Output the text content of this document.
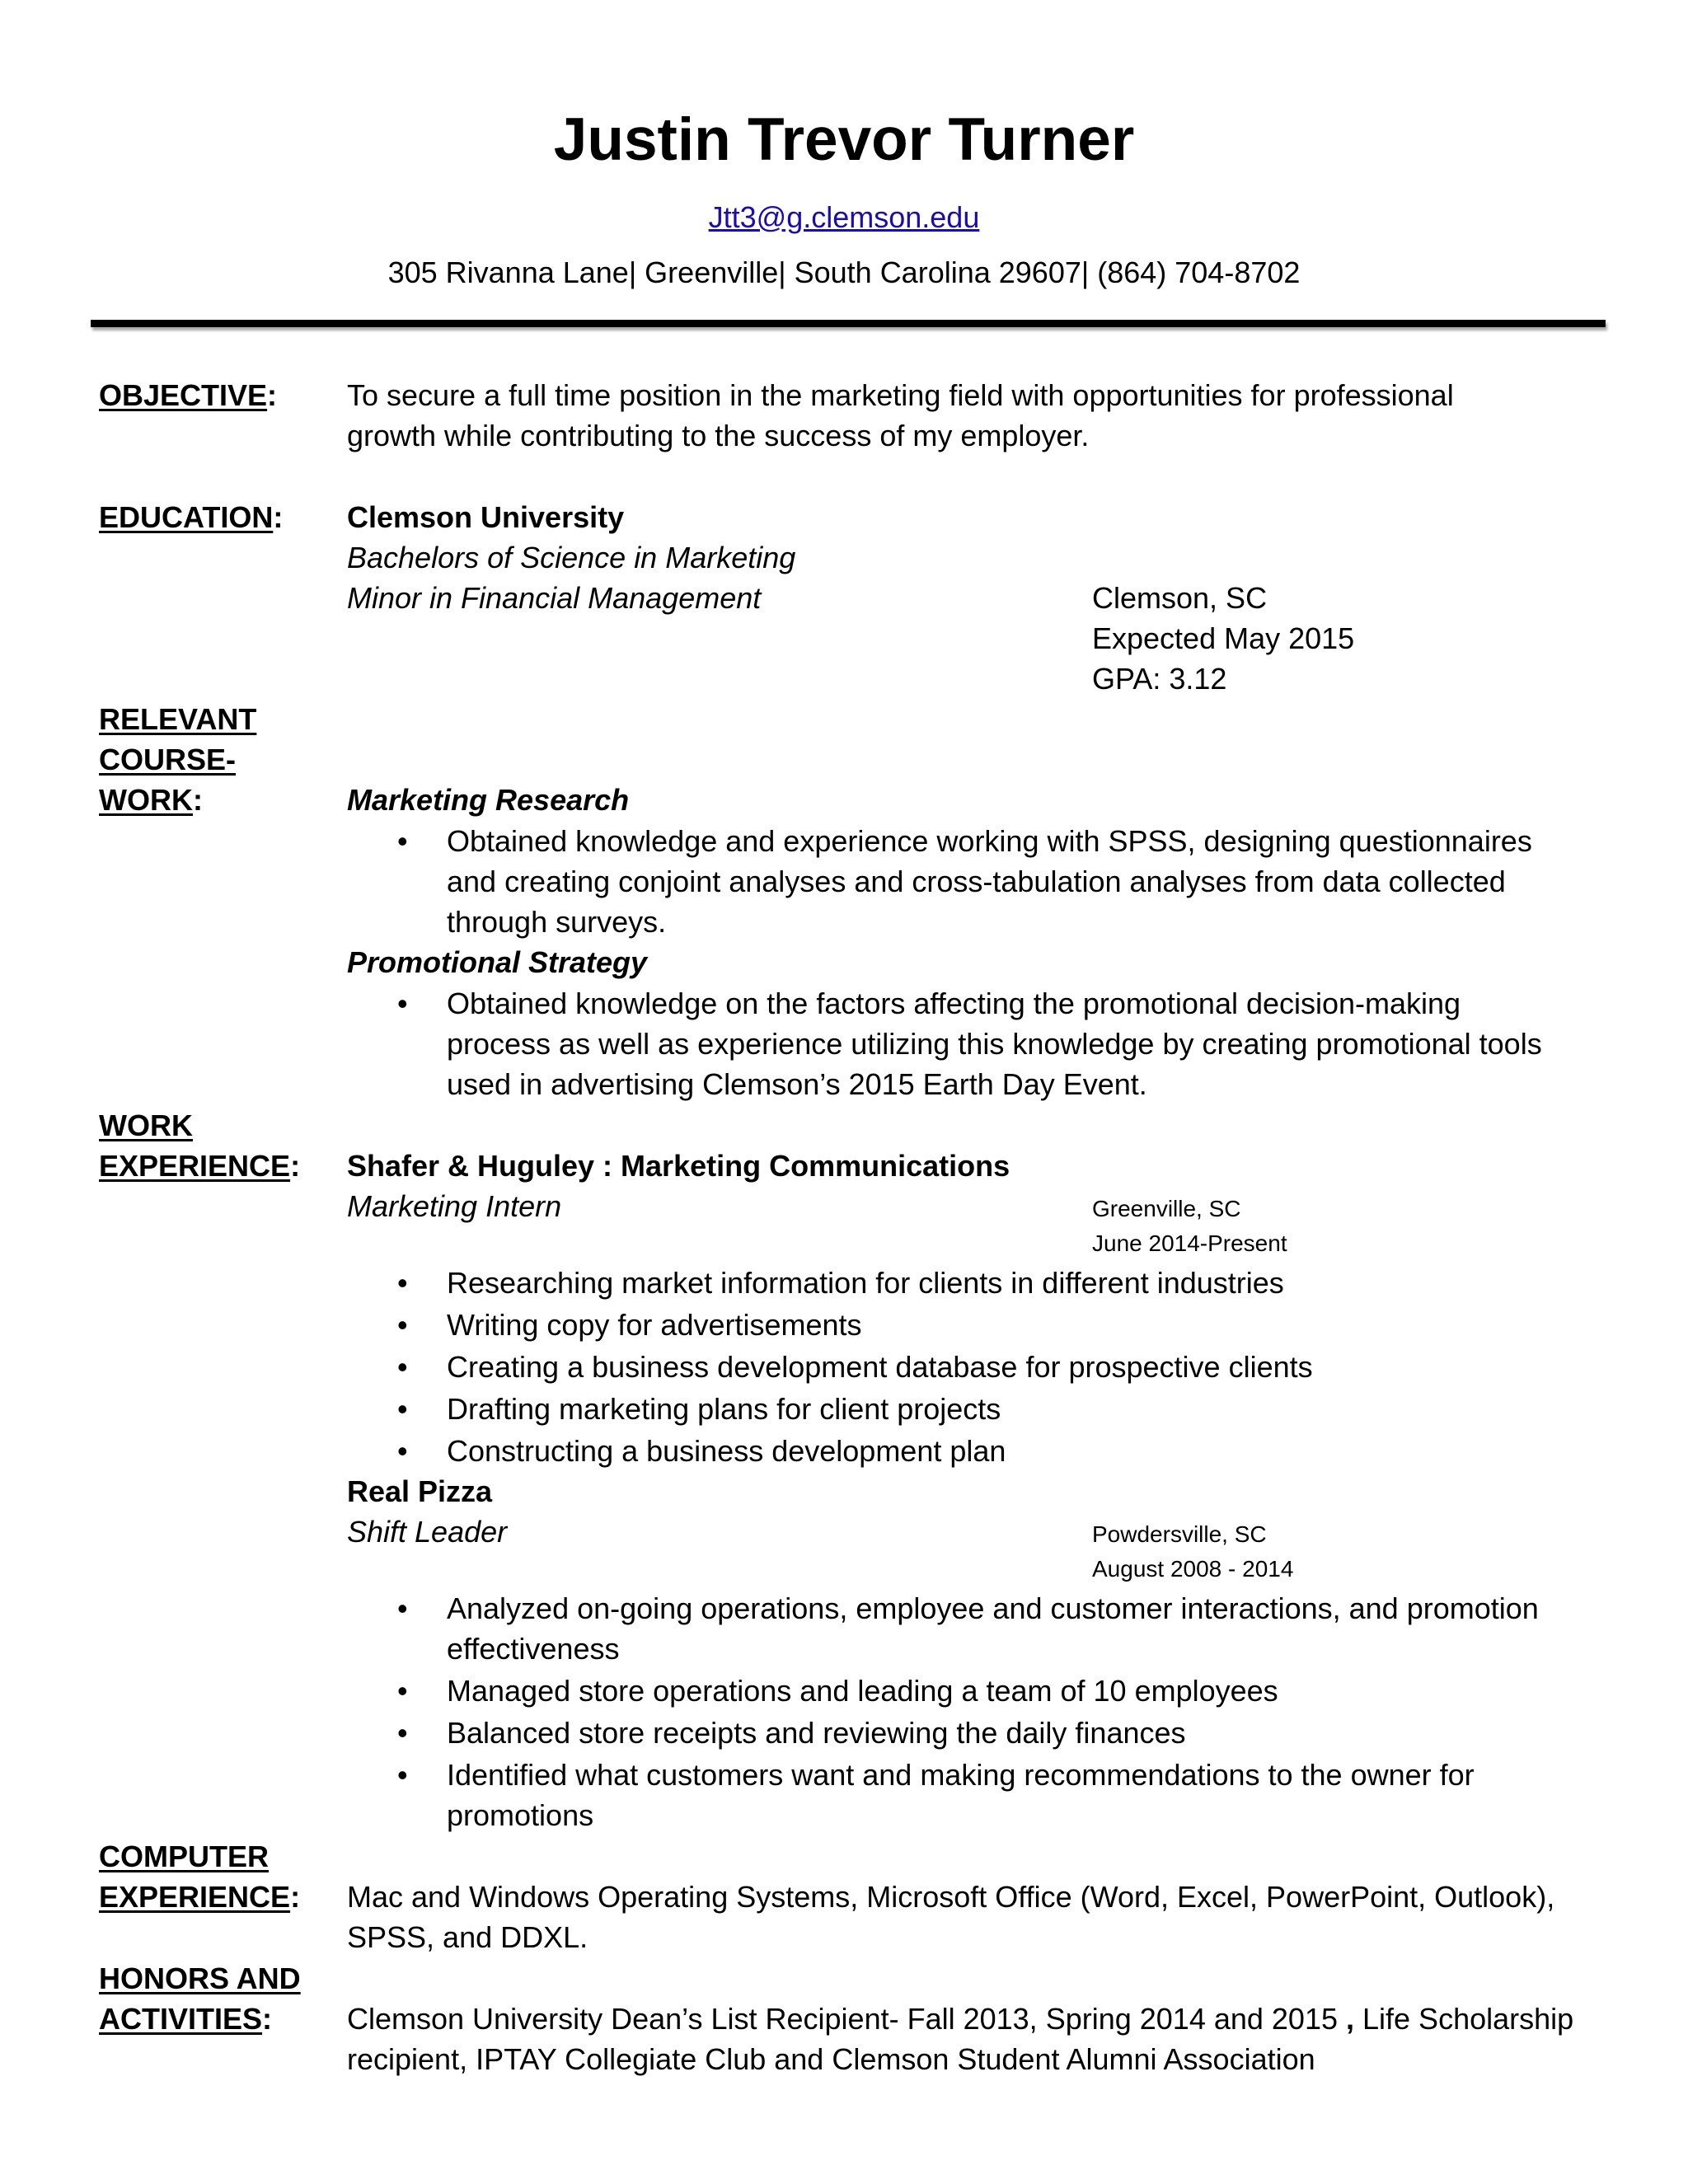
Justin Trevor Turner
Jtt3@g.clemson.edu
305 Rivanna Lane| Greenville| South Carolina 29607| (864) 704-8702
OBJECTIVE: To secure a full time position in the marketing field with opportunities for professional
growth while contributing to the success of my employer.
EDUCATION: Clemson University
Bachelors of Science in Marketing
Minor in Financial Management	Clemson, SC
Expected May 2015
GPA: 3.12
RELEVANT
COURSE-
WORK:	Marketing Research
• Obtained knowledge and experience working with SPSS, designing questionnaires
and creating conjoint analyses and cross-tabulation analyses from data collected
through surveys.
Promotional Strategy
• Obtained knowledge on the factors affecting the promotional decision-making
process as well as experience utilizing this knowledge by creating promotional tools
used in advertising Clemson’s 2015 Earth Day Event.
WORK
EXPERIENCE: Shafer & Huguley : Marketing Communications
Marketing Intern	Greenville, SC
June 2014-Present
• Researching market information for clients in different industries
• Writing copy for advertisements
• Creating a business development database for prospective clients
• Drafting marketing plans for client projects
• Constructing a business development plan
Real Pizza
Shift Leader	Powdersville, SC
August 2008 - 2014
• Analyzed on-going operations, employee and customer interactions, and promotion
effectiveness
• Managed store operations and leading a team of 10 employees
• Balanced store receipts and reviewing the daily finances
• Identified what customers want and making recommendations to the owner for
promotions
COMPUTER
EXPERIENCE: Mac and Windows Operating Systems, Microsoft Office (Word, Excel, PowerPoint, Outlook),
SPSS, and DDXL.
HONORS AND
ACTIVITIES:	Clemson University Dean’s List Recipient- Fall 2013, Spring 2014 and 2015 , Life Scholarship
recipient, IPTAY Collegiate Club and Clemson Student Alumni Association
